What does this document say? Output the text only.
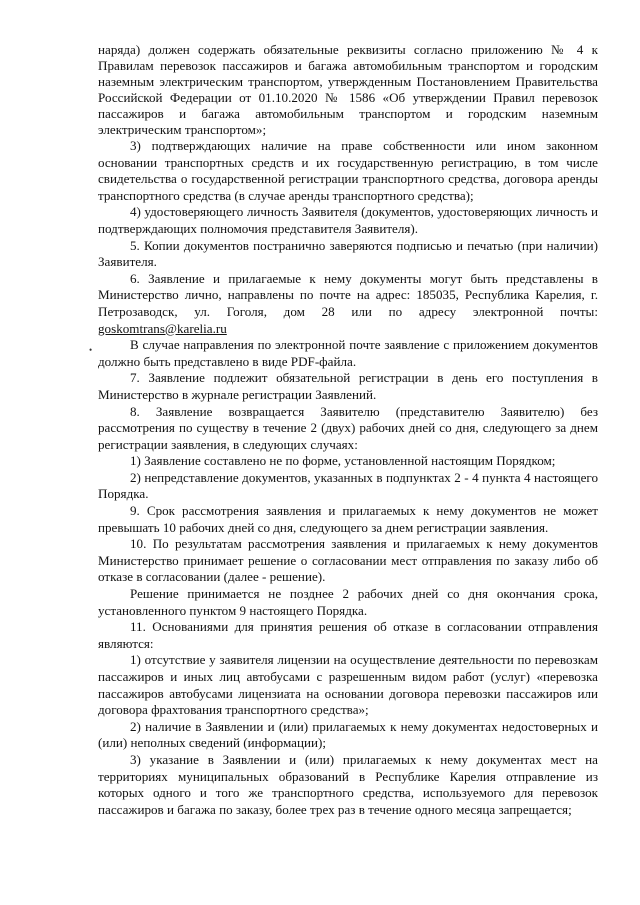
•

наряда) должен содержать обязательные реквизиты согласно приложению № 4 к Правилам перевозок пассажиров и багажа автомобильным транспортом и городским наземным электрическим транспортом, утвержденным Постановлением Правительства Российской Федерации от 01.10.2020 № 1586 «Об утверждении Правил перевозок пассажиров и багажа автомобильным транспортом и городским наземным электрическим транспортом»;

3) подтверждающих наличие на праве собственности или ином законном основании транспортных средств и их государственную регистрацию, в том числе свидетельства о государственной регистрации транспортного средства, договора аренды транспортного средства (в случае аренды транспортного средства);

4) удостоверяющего личность Заявителя (документов, удостоверяющих личность и подтверждающих полномочия представителя Заявителя).

5. Копии документов постранично заверяются подписью и печатью (при наличии) Заявителя.

6. Заявление и прилагаемые к нему документы могут быть представлены в Министерство лично, направлены по почте на адрес: 185035, Республика Карелия, г. Петрозаводск, ул. Гоголя, дом 28 или по адресу электронной почты: goskomtrans@karelia.ru

В случае направления по электронной почте заявление с приложением документов должно быть представлено в виде PDF-файла.

7. Заявление подлежит обязательной регистрации в день его поступления в Министерство в журнале регистрации Заявлений.

8. Заявление возвращается Заявителю (представителю Заявителю) без рассмотрения по существу в течение 2 (двух) рабочих дней со дня, следующего за днем регистрации заявления, в следующих случаях:

1) Заявление составлено не по форме, установленной настоящим Порядком;

2) непредставление документов, указанных в подпунктах 2 - 4 пункта 4 настоящего Порядка.

9. Срок рассмотрения заявления и прилагаемых к нему документов не может превышать 10 рабочих дней со дня, следующего за днем регистрации заявления.

10. По результатам рассмотрения заявления и прилагаемых к нему документов Министерство принимает решение о согласовании мест отправления по заказу либо об отказе в согласовании (далее - решение).

Решение принимается не позднее 2 рабочих дней со дня окончания срока, установленного пунктом 9 настоящего Порядка.

11. Основаниями для принятия решения об отказе в согласовании отправления являются:

1) отсутствие у заявителя лицензии на осуществление деятельности по перевозкам пассажиров и иных лиц автобусами с разрешенным видом работ (услуг) «перевозка пассажиров автобусами лицензиата на основании договора перевозки пассажиров или договора фрахтования транспортного средства»;

2) наличие в Заявлении и (или) прилагаемых к нему документах недостоверных и (или) неполных сведений (информации);

3) указание в Заявлении и (или) прилагаемых к нему документах мест на территориях муниципальных образований в Республике Карелия отправление из которых одного и того же транспортного средства, используемого для перевозок пассажиров и багажа по заказу, более трех раз в течение одного месяца запрещается;
